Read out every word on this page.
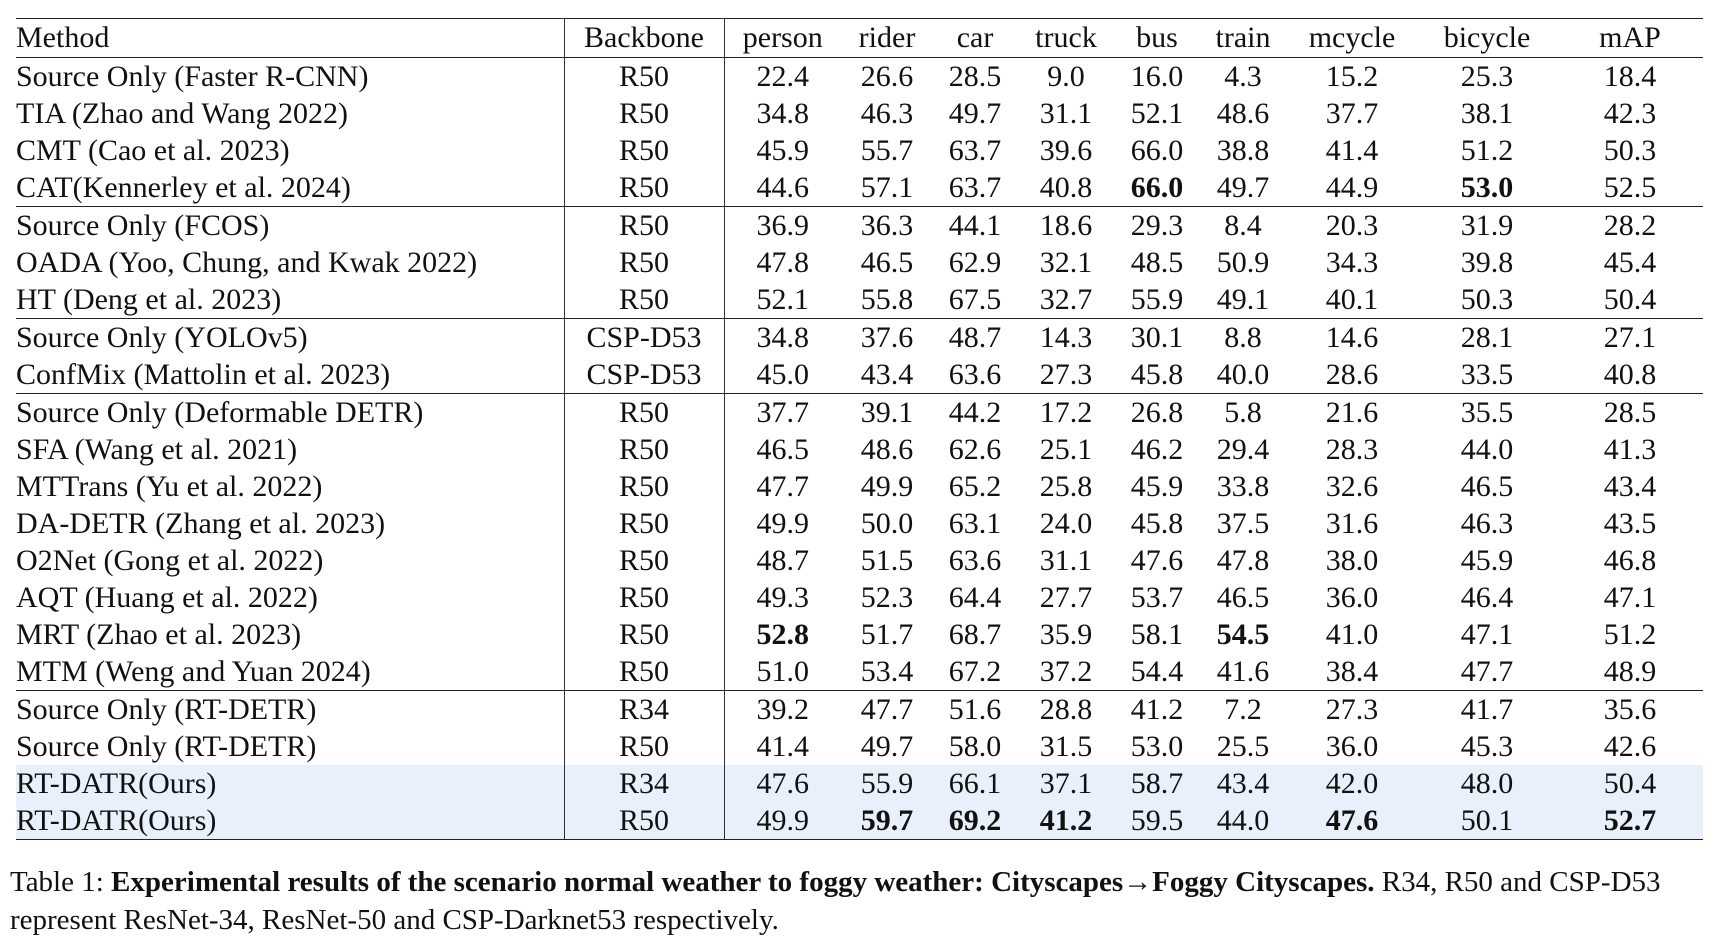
Method	Backbone	person	rider	car	truck	bus	train	mcycle	bicycle	mAP
Source Only (Faster R-CNN)	R50	22.4	26.6	28.5	9.0	16.0	4.3	15.2	25.3	18.4
TIA (Zhao and Wang 2022)	R50	34.8	46.3	49.7	31.1	52.1	48.6	37.7	38.1	42.3
CMT (Cao et al. 2023)	R50	45.9	55.7	63.7	39.6	66.0	38.8	41.4	51.2	50.3
CAT(Kennerley et al. 2024)	R50	44.6	57.1	63.7	40.8	66.0	49.7	44.9	53.0	52.5
Source Only (FCOS)	R50	36.9	36.3	44.1	18.6	29.3	8.4	20.3	31.9	28.2
OADA (Yoo, Chung, and Kwak 2022)	R50	47.8	46.5	62.9	32.1	48.5	50.9	34.3	39.8	45.4
HT (Deng et al. 2023)	R50	52.1	55.8	67.5	32.7	55.9	49.1	40.1	50.3	50.4
Source Only (YOLOv5)	CSP-D53	34.8	37.6	48.7	14.3	30.1	8.8	14.6	28.1	27.1
ConfMix (Mattolin et al. 2023)	CSP-D53	45.0	43.4	63.6	27.3	45.8	40.0	28.6	33.5	40.8
Source Only (Deformable DETR)	R50	37.7	39.1	44.2	17.2	26.8	5.8	21.6	35.5	28.5
SFA (Wang et al. 2021)	R50	46.5	48.6	62.6	25.1	46.2	29.4	28.3	44.0	41.3
MTTrans (Yu et al. 2022)	R50	47.7	49.9	65.2	25.8	45.9	33.8	32.6	46.5	43.4
DA-DETR (Zhang et al. 2023)	R50	49.9	50.0	63.1	24.0	45.8	37.5	31.6	46.3	43.5
O2Net (Gong et al. 2022)	R50	48.7	51.5	63.6	31.1	47.6	47.8	38.0	45.9	46.8
AQT (Huang et al. 2022)	R50	49.3	52.3	64.4	27.7	53.7	46.5	36.0	46.4	47.1
MRT (Zhao et al. 2023)	R50	52.8	51.7	68.7	35.9	58.1	54.5	41.0	47.1	51.2
MTM (Weng and Yuan 2024)	R50	51.0	53.4	67.2	37.2	54.4	41.6	38.4	47.7	48.9
Source Only (RT-DETR)	R34	39.2	47.7	51.6	28.8	41.2	7.2	27.3	41.7	35.6
Source Only (RT-DETR)	R50	41.4	49.7	58.0	31.5	53.0	25.5	36.0	45.3	42.6
RT-DATR(Ours)	R34	47.6	55.9	66.1	37.1	58.7	43.4	42.0	48.0	50.4
RT-DATR(Ours)	R50	49.9	59.7	69.2	41.2	59.5	44.0	47.6	50.1	52.7
Table 1: Experimental results of the scenario normal weather to foggy weather: Cityscapes→Foggy Cityscapes. R34, R50 and CSP-D53 represent ResNet-34, ResNet-50 and CSP-Darknet53 respectively.
